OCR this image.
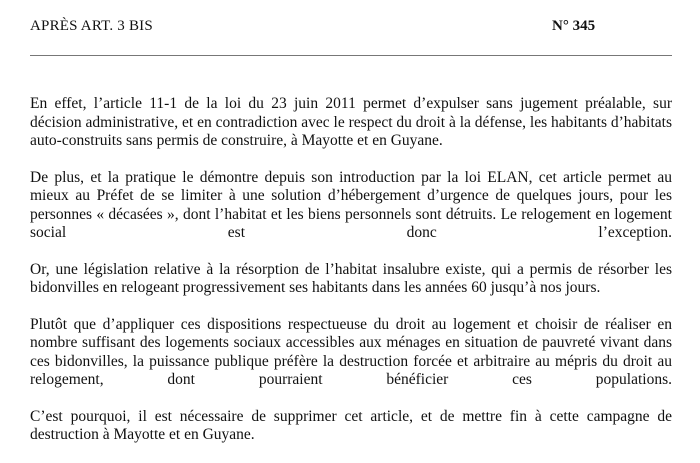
APRÈS ART. 3 BIS	N° 345

En effet, l’article 11-1 de la loi du 23 juin 2011 permet d’expulser sans jugement préalable, sur décision administrative, et en contradiction avec le respect du droit à la défense, les habitants d’habitats auto-construits sans permis de construire, à Mayotte et en Guyane.

De plus, et la pratique le démontre depuis son introduction par la loi ELAN, cet article permet au mieux au Préfet de se limiter à une solution d’hébergement d’urgence de quelques jours, pour les personnes « décasées », dont l’habitat et les biens personnels sont détruits. Le relogement en logement social est donc l’exception.

Or, une législation relative à la résorption de l’habitat insalubre existe, qui a permis de résorber les bidonvilles en relogeant progressivement ses habitants dans les années 60 jusqu’à nos jours.

Plutôt que d’appliquer ces dispositions respectueuse du droit au logement et choisir de réaliser en nombre suffisant des logements sociaux accessibles aux ménages en situation de pauvreté vivant dans ces bidonvilles, la puissance publique préfère la destruction forcée et arbitraire au mépris du droit au relogement, dont pourraient bénéficier ces populations.

C’est pourquoi, il est nécessaire de supprimer cet article, et de mettre fin à cette campagne de destruction à Mayotte et en Guyane.
